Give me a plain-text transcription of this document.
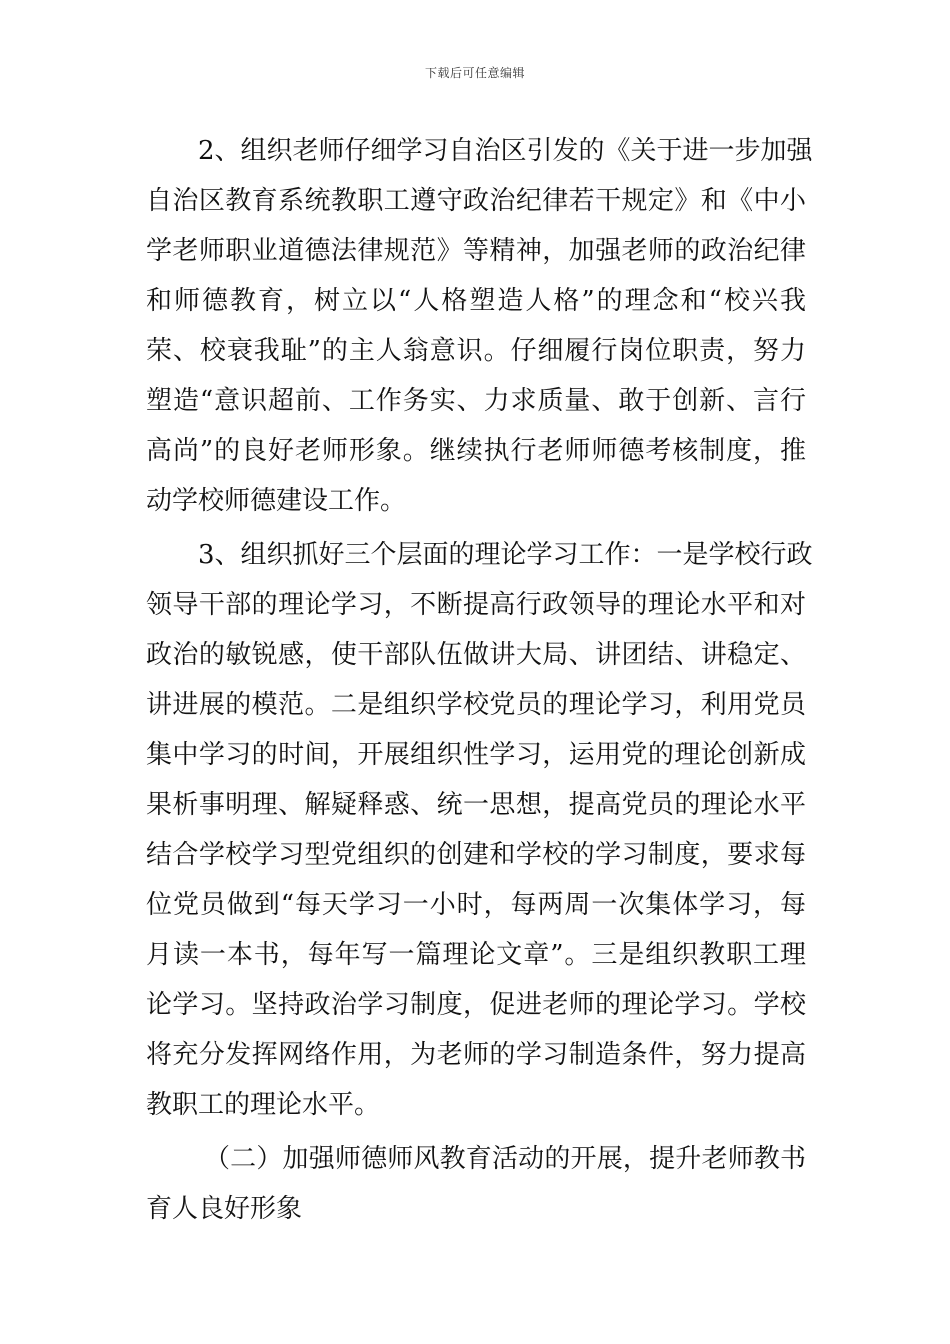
下载后可任意编辑
2、组织老师仔细学习自治区引发的《关于进一步加强
自治区教育系统教职工遵守政治纪律若干规定》和《中小
学老师职业道德法律规范》等精神，加强老师的政治纪律
和师德教育，树立以“人格塑造人格”的理念和“校兴我
荣、校衰我耻”的主人翁意识。仔细履行岗位职责，努力
塑造“意识超前、工作务实、力求质量、敢于创新、言行
高尚”的良好老师形象。继续执行老师师德考核制度，推
动学校师德建设工作。
3、组织抓好三个层面的理论学习工作：一是学校行政
领导干部的理论学习，不断提高行政领导的理论水平和对
政治的敏锐感，使干部队伍做讲大局、讲团结、讲稳定、
讲进展的模范。二是组织学校党员的理论学习，利用党员
集中学习的时间，开展组织性学习，运用党的理论创新成
果析事明理、解疑释惑、统一思想，提高党员的理论水平
结合学校学习型党组织的创建和学校的学习制度，要求每
位党员做到“每天学习一小时，每两周一次集体学习，每
月读一本书，每年写一篇理论文章”。三是组织教职工理
论学习。坚持政治学习制度，促进老师的理论学习。学校
将充分发挥网络作用，为老师的学习制造条件，努力提高
教职工的理论水平。
（二）加强师德师风教育活动的开展，提升老师教书
育人良好形象
